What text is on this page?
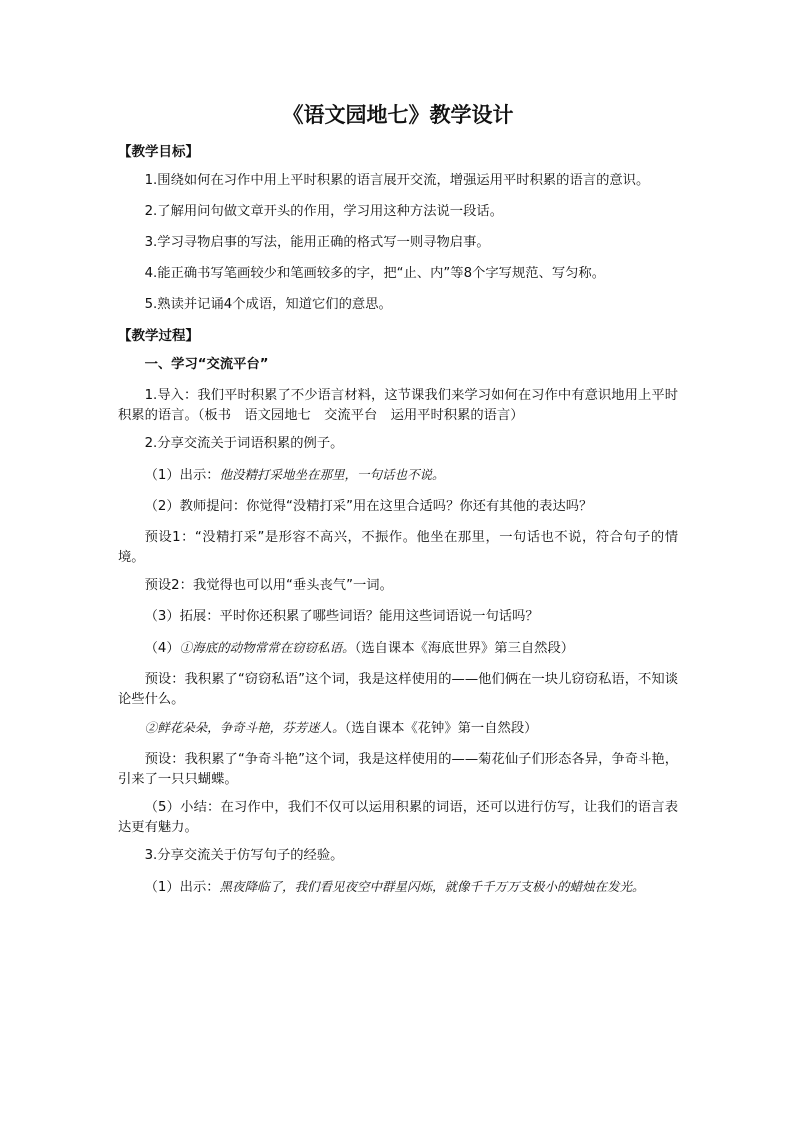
《语文园地七》教学设计
【教学目标】
1.围绕如何在习作中用上平时积累的语言展开交流，增强运用平时积累的语言的意识。
2.了解用问句做文章开头的作用，学习用这种方法说一段话。
3.学习寻物启事的写法，能用正确的格式写一则寻物启事。
4.能正确书写笔画较少和笔画较多的字，把“止、内”等8个字写规范、写匀称。
5.熟读并记诵4个成语，知道它们的意思。
【教学过程】
一、学习“交流平台”
1.导入：我们平时积累了不少语言材料，这节课我们来学习如何在习作中有意识地用上平时积累的语言。（板书　语文园地七　交流平台　运用平时积累的语言）
2.分享交流关于词语积累的例子。
（1）出示：他没精打采地坐在那里，一句话也不说。
（2）教师提问：你觉得“没精打采”用在这里合适吗？你还有其他的表达吗？
预设1：“没精打采”是形容不高兴，不振作。他坐在那里，一句话也不说，符合句子的情境。
预设2：我觉得也可以用“垂头丧气”一词。
（3）拓展：平时你还积累了哪些词语？能用这些词语说一句话吗？
（4）①海底的动物常常在窃窃私语。（选自课本《海底世界》第三自然段）
预设：我积累了“窃窃私语”这个词，我是这样使用的——他们俩在一块儿窃窃私语，不知谈论些什么。
②鲜花朵朵，争奇斗艳，芬芳迷人。（选自课本《花钟》第一自然段）
预设：我积累了“争奇斗艳”这个词，我是这样使用的——菊花仙子们形态各异，争奇斗艳，引来了一只只蝴蝶。
（5）小结：在习作中，我们不仅可以运用积累的词语，还可以进行仿写，让我们的语言表达更有魅力。
3.分享交流关于仿写句子的经验。
（1）出示：黑夜降临了，我们看见夜空中群星闪烁，就像千千万万支极小的蜡烛在发光。
